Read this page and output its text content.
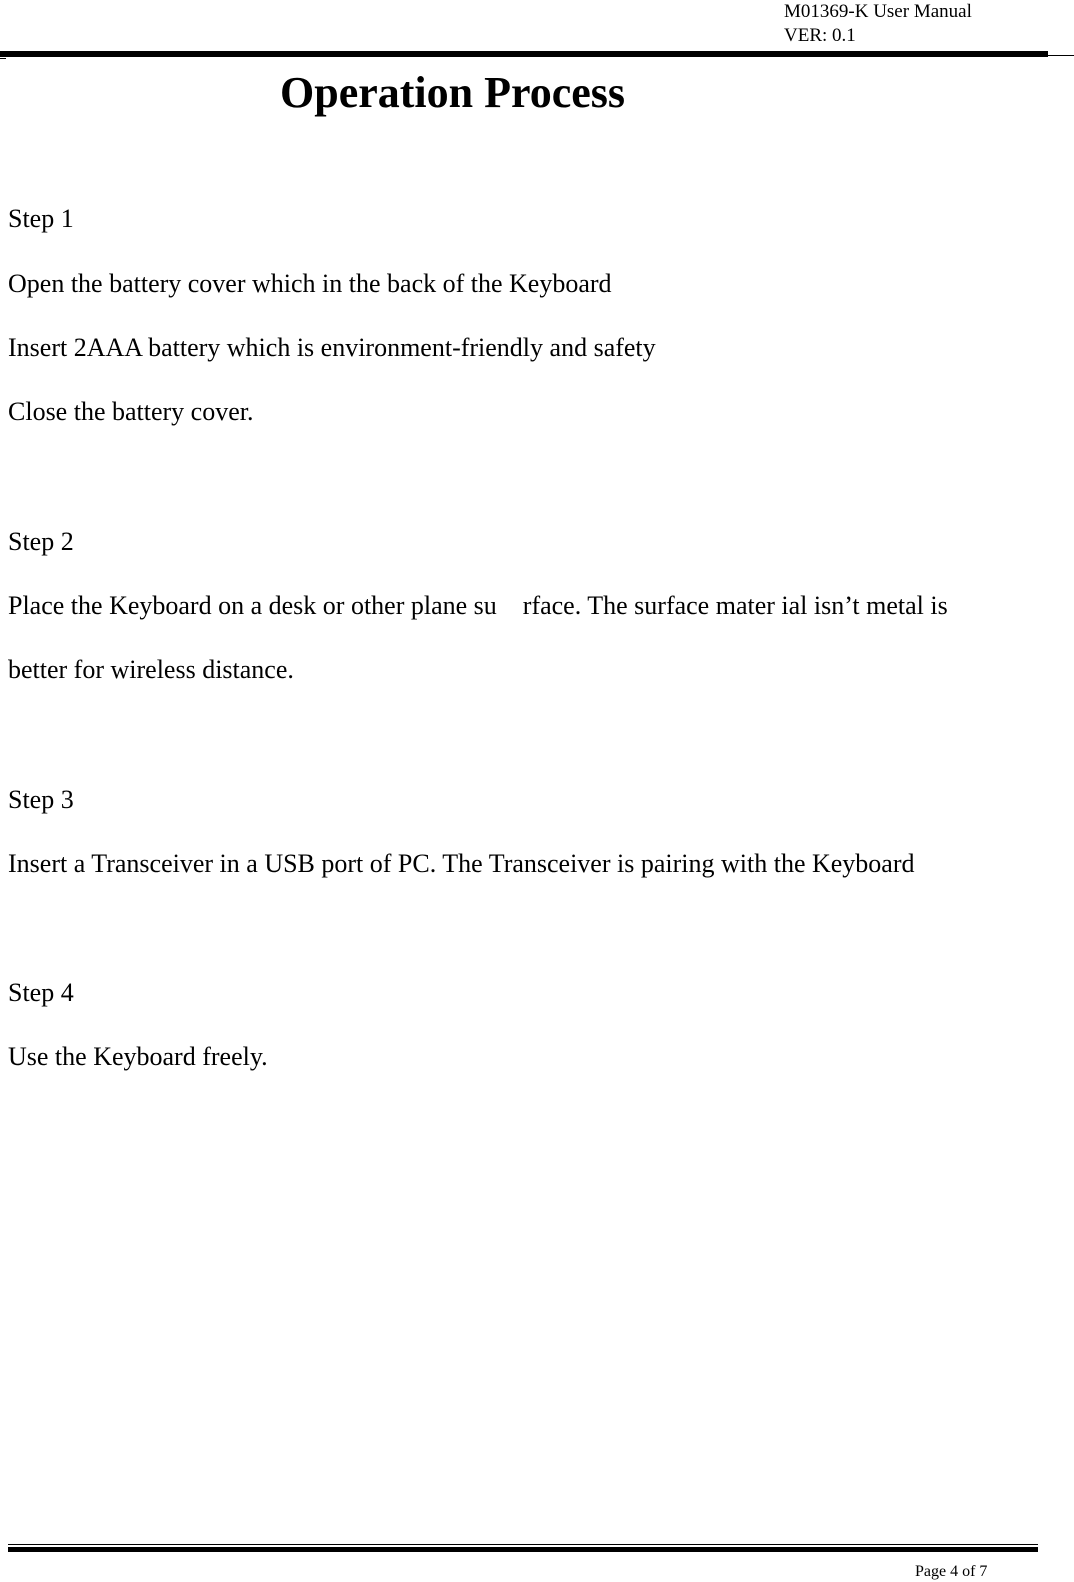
M01369-K User Manual
VER: 0.1
Operation Process

Step 1

Open the battery cover which in the back of the Keyboard

Insert 2AAA battery which is environment-friendly and safety

Close the battery cover.

Step 2

Place the Keyboard on a desk or other plane su    rface. The surface mater ial isn’t metal is

better for wireless distance.

Step 3

Insert a Transceiver in a USB port of PC. The Transceiver is pairing with the Keyboard

Step 4

Use the Keyboard freely.

Page 4 of 7
